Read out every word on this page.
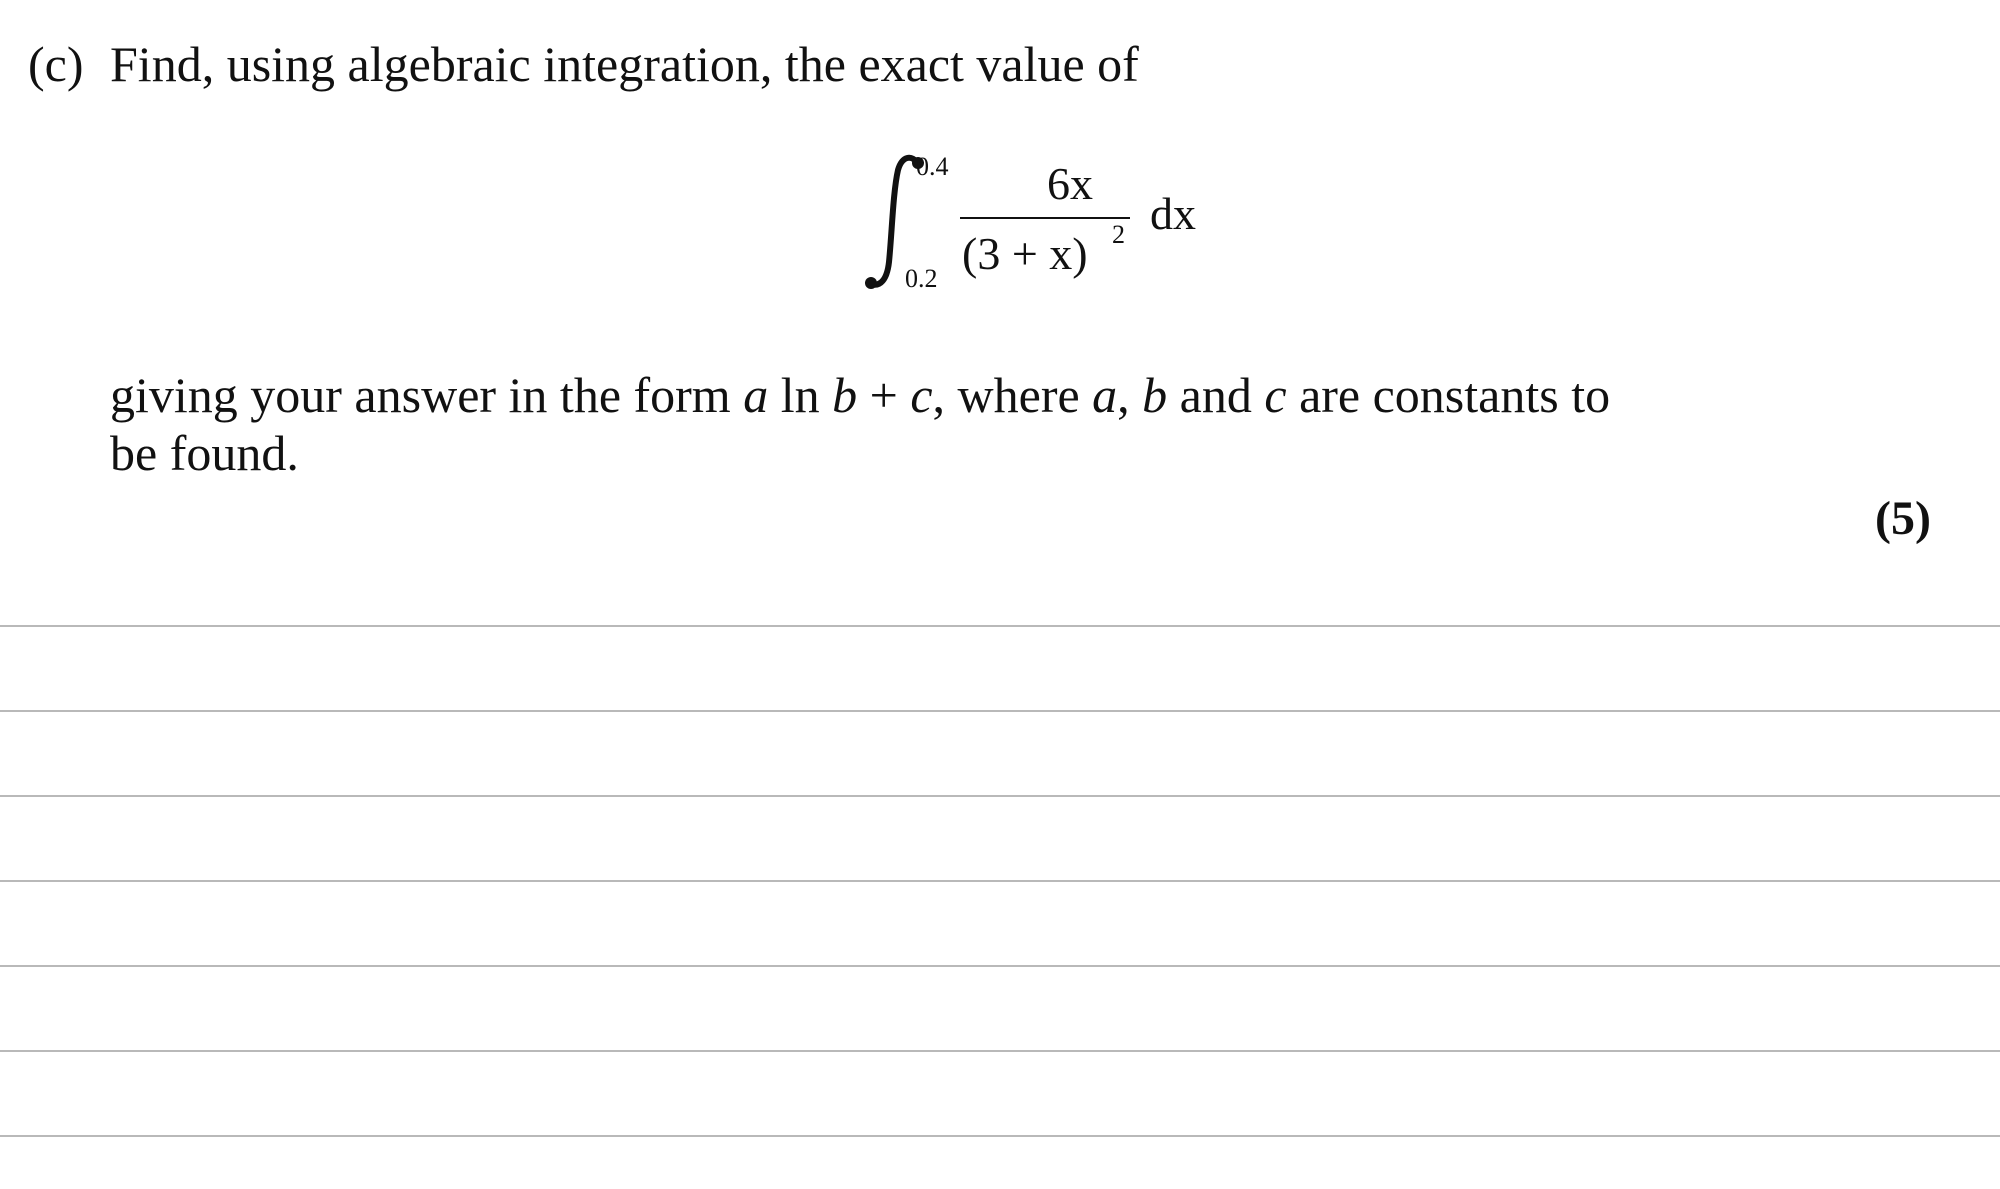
(c) Find, using algebraic integration, the exact value of
0.4
0.2
6x
(3 + x) 2 dx
giving your answer in the form a ln b + c, where a, b and c are constants to
be found.
(5)
